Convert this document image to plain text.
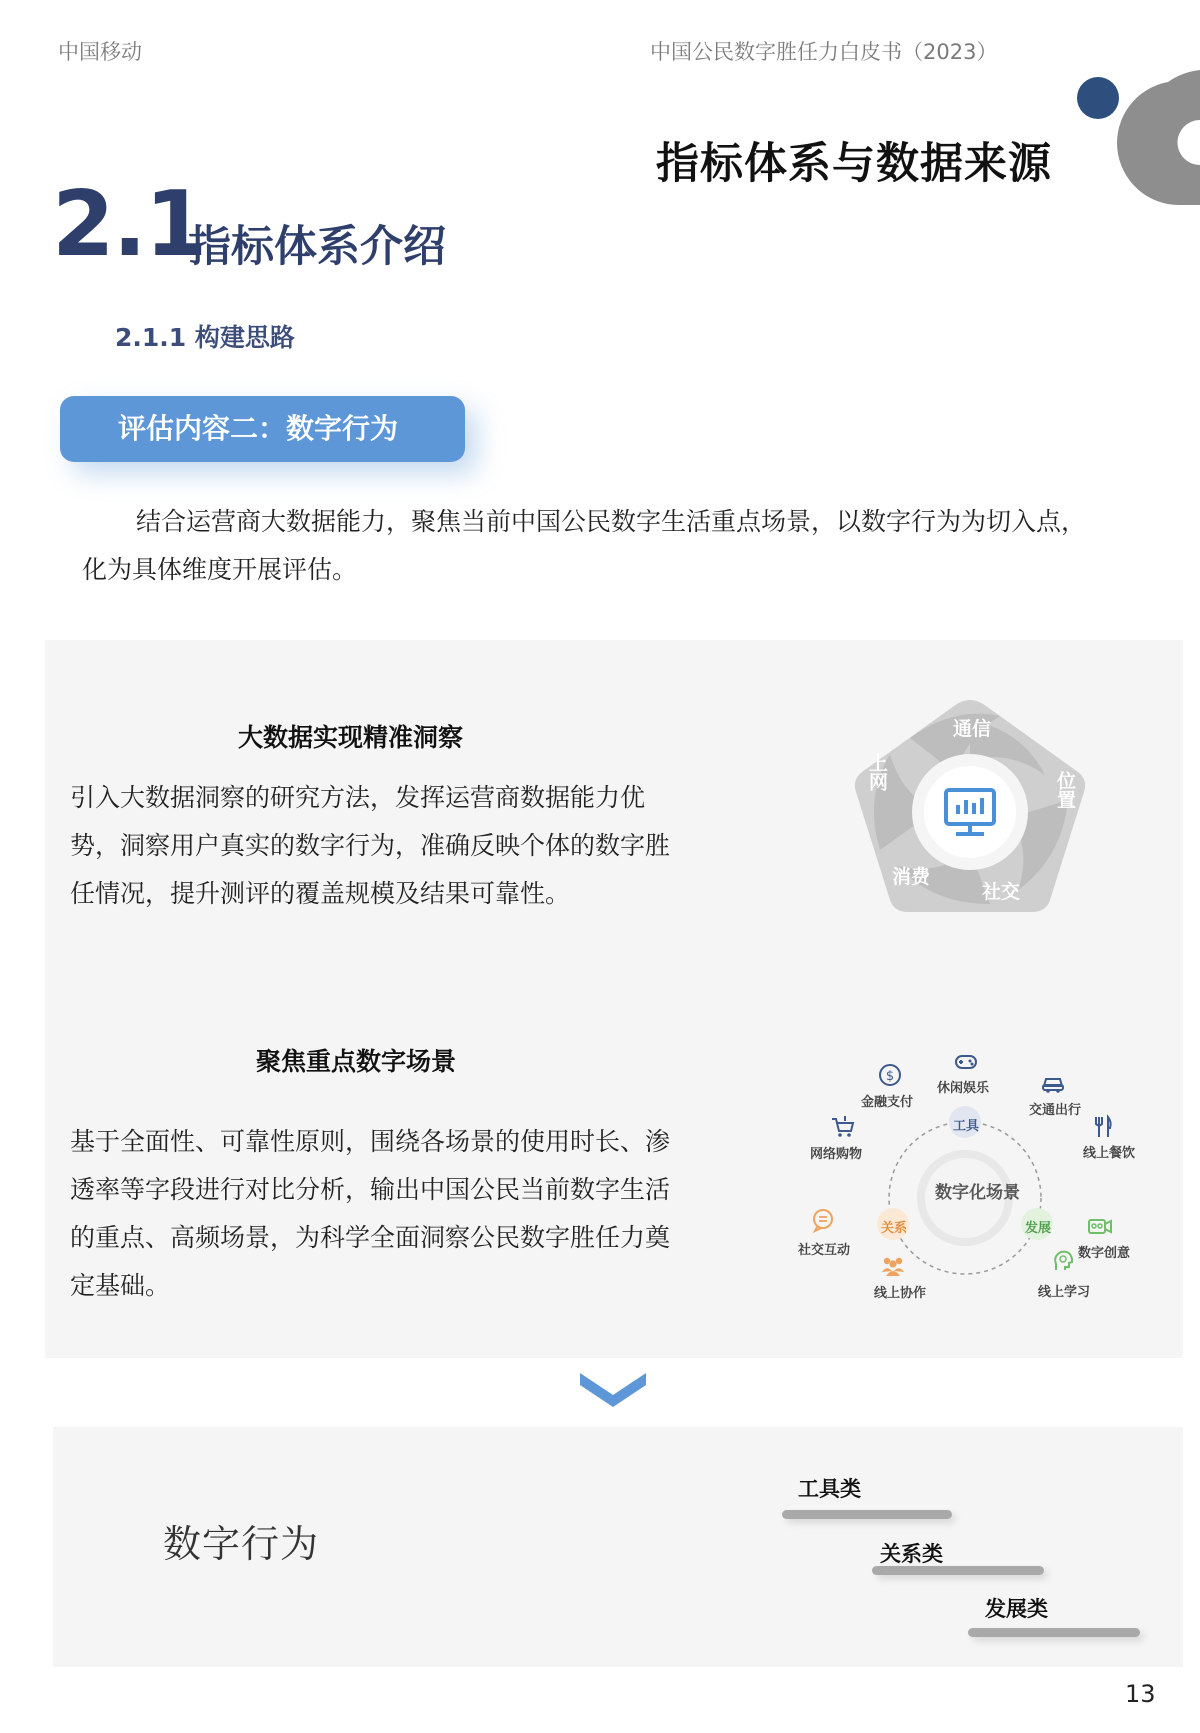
中国移动	中国公民数字胜任力白皮书（2023）
指标体系与数据来源
2.1
指标体系介绍
2.1.1 构建思路
评估内容二：数字行为
结合运营商大数据能力，聚焦当前中国公民数字生活重点场景，以数字行为为切入点，
化为具体维度开展评估。
大数据实现精准洞察
引入大数据洞察的研究方法，发挥运营商数据能力优势，洞察用户真实的数字行为，准确反映个体的数字胜任情况，提升测评的覆盖规模及结果可靠性。
通信
位置
社交
消费
上网
聚焦重点数字场景
基于全面性、可靠性原则，围绕各场景的使用时长、渗透率等字段进行对比分析，输出中国公民当前数字生活的重点、高频场景，为科学全面洞察公民数字胜任力奠定基础。
数字化场景
工具
关系	发展
$
金融支付
休闲娱乐
交通出行
线上餐饮
数字创意
线上学习
线上协作
社交互动
网络购物
数字行为
工具类
关系类
发展类
13
